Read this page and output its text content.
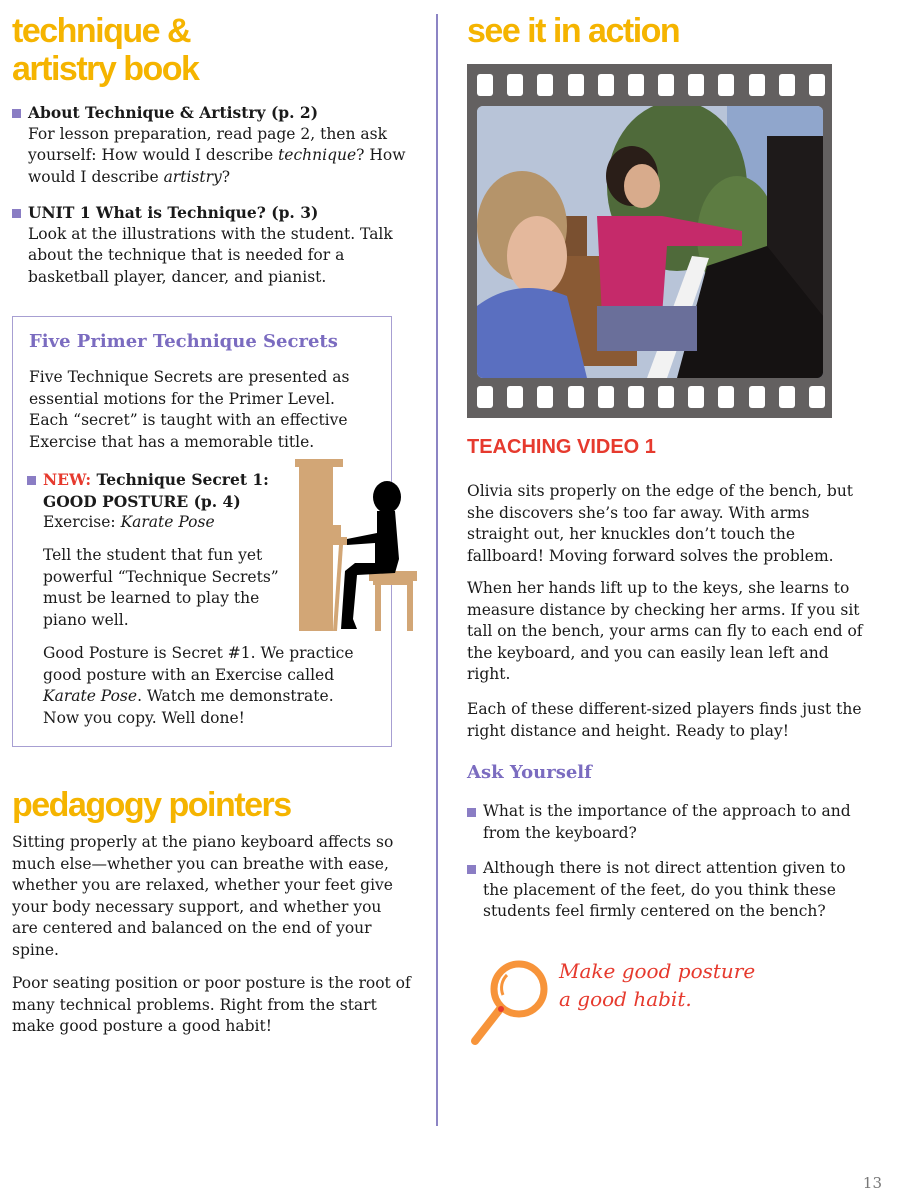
technique &
artistry book
About Technique & Artistry (p. 2)
For lesson preparation, read page 2, then ask yourself: How would I describe technique? How would I describe artistry?
UNIT 1 What is Technique? (p. 3)
Look at the illustrations with the student. Talk about the technique that is needed for a basketball player, dancer, and pianist.
Five Primer Technique Secrets
Five Technique Secrets are presented as essential motions for the Primer Level. Each “secret” is taught with an effective Exercise that has a memorable title.
NEW: Technique Secret 1: GOOD POSTURE (p. 4)
Exercise: Karate Pose
Tell the student that fun yet powerful “Technique Secrets” must be learned to play the piano well.
Good Posture is Secret #1. We practice good posture with an Exercise called Karate Pose. Watch me demonstrate. Now you copy. Well done!
pedagogy pointers

Sitting properly at the piano keyboard affects so much else—whether you can breathe with ease, whether you are relaxed, whether your feet give your body necessary support, and whether you are centered and balanced on the end of your spine.

Poor seating position or poor posture is the root of many technical problems. Right from the start make good posture a good habit!

see it in action
TEACHING VIDEO 1

Olivia sits properly on the edge of the bench, but she discovers she’s too far away. With arms straight out, her knuckles don’t touch the fallboard! Moving forward solves the problem.

When her hands lift up to the keys, she learns to measure distance by checking her arms. If you sit tall on the bench, your arms can fly to each end of the keyboard, and you can easily lean left and right.

Each of these different-sized players finds just the right distance and height. Ready to play!

Ask Yourself
What is the importance of the approach to and from the keyboard?
Although there is not direct attention given to the placement of the feet, do you think these students feel firmly centered on the bench?
Make good posture
a good habit.
13
